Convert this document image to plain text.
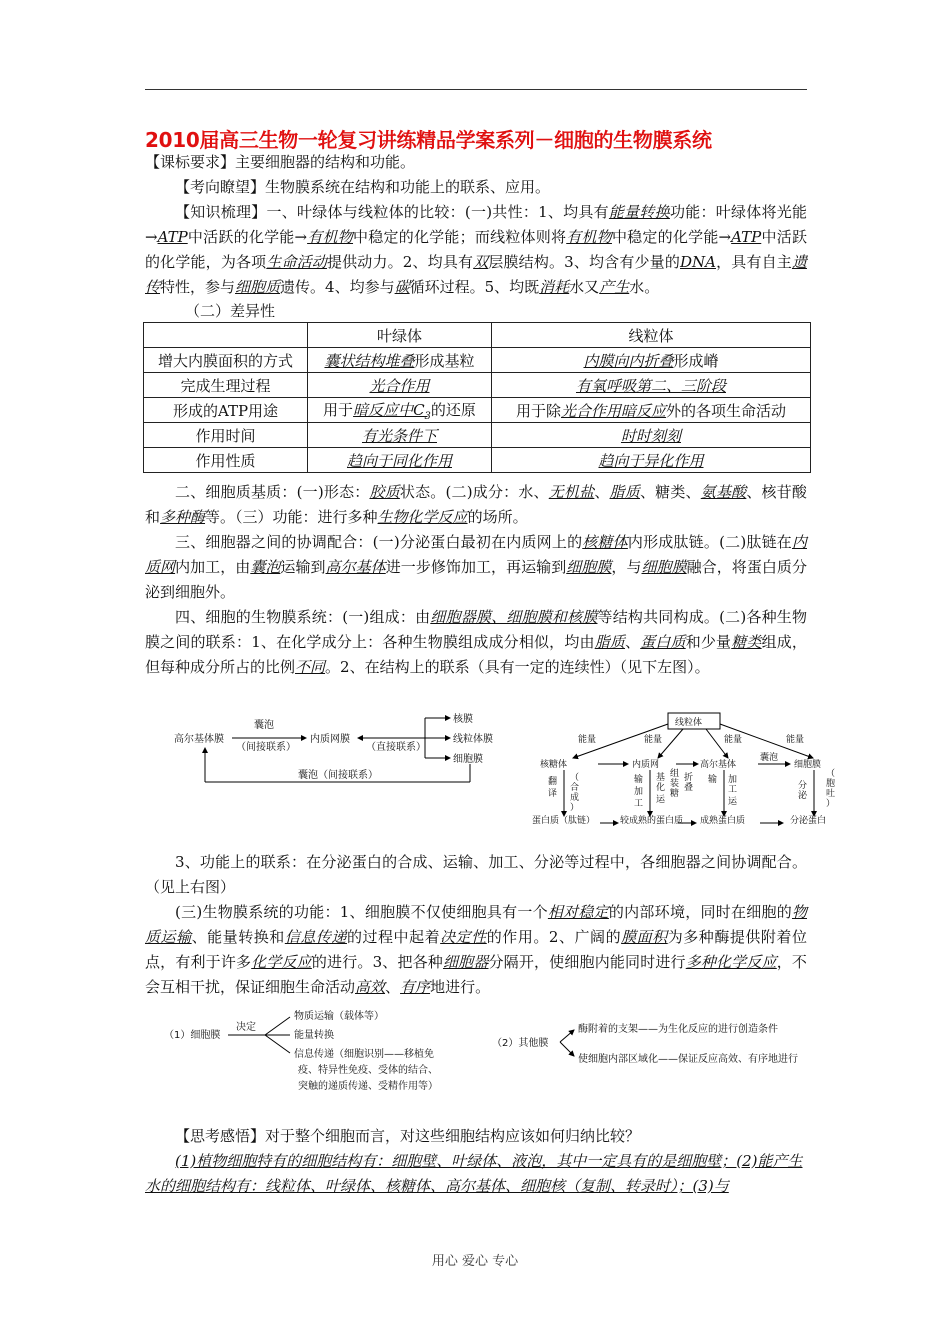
2010届高三生物一轮复习讲练精品学案系列－细胞的生物膜系统
【课标要求】主要细胞器的结构和功能。
【考向瞭望】生物膜系统在结构和功能上的联系、应用。
【知识梳理】一、叶绿体与线粒体的比较：(一)共性：1、均具有能量转换功能：叶绿体将光能→ATP中活跃的化学能→有机物中稳定的化学能；而线粒体则将有机物中稳定的化学能→ATP中活跃的化学能，为各项生命活动提供动力。2、均具有双层膜结构。3、均含有少量的DNA，具有自主遗传特性，参与细胞质遗传。4、均参与碳循环过程。5、均既消耗水又产生水。
（二）差异性
	叶绿体	线粒体
增大内膜面积的方式	囊状结构堆叠形成基粒	内膜向内折叠形成嵴
完成生理过程	光合作用	有氧呼吸第二、三阶段
形成的ATP用途	用于暗反应中$C_3$的还原	用于除光合作用暗反应外的各项生命活动
作用时间	有光条件下	时时刻刻
作用性质	趋向于同化作用	趋向于异化作用
二、细胞质基质：(一)形态：胶质状态。(二)成分：水、无机盐、脂质、糖类、氨基酸、核苷酸和多种酶等。（三）功能：进行多种生物化学反应的场所。
三、细胞器之间的协调配合：(一)分泌蛋白最初在内质网上的核糖体内形成肽链。(二)肽链在内质网内加工，由囊泡运输到高尔基体进一步修饰加工，再运输到细胞膜，与细胞膜融合，将蛋白质分泌到细胞外。
四、细胞的生物膜系统：(一)组成：由细胞器膜、细胞膜和核膜等结构共同构成。(二)各种生物膜之间的联系：1、在化学成分上：各种生物膜组成成分相似，均由脂质、蛋白质和少量糖类组成，但每种成分所占的比例不同。2、在结构上的联系（具有一定的连续性）（见下左图）。
高尔基体膜
囊泡
（间接联系）
内质网膜
（直接联系）
核膜
线粒体膜
细胞膜
囊泡（间接联系）
线粒体
能量	能量	能量	能量
核糖体	内质网	高尔基体
囊泡
细胞膜
蛋白质（肽链）	较成熟的蛋白质 成熟蛋白质	分泌蛋白
翻
译
（
合
成
）
输
加
工
基
化
运
组
装
糖
折
叠
输 加
工
运
分
泌
（
胞
吐
）
3、功能上的联系：在分泌蛋白的合成、运输、加工、分泌等过程中，各细胞器之间协调配合。（见上右图）
(三)生物膜系统的功能：1、细胞膜不仅使细胞具有一个相对稳定的内部环境，同时在细胞的物质运输、能量转换和信息传递的过程中起着决定性的作用。2、广阔的膜面积为多种酶提供附着位点，有利于许多化学反应的进行。3、把各种细胞器分隔开，使细胞内能同时进行多种化学反应，不会互相干扰，保证细胞生命活动高效、有序地进行。
（1）细胞膜
决定
物质运输（载体等）
能量转换
信息传递（细胞识别——移植免
疫、特异性免疫、受体的结合、
突触的递质传递、受精作用等）
（2）其他膜
酶附着的支架——为生化反应的进行创造条件
使细胞内部区域化——保证反应高效、有序地进行
【思考感悟】对于整个细胞而言，对这些细胞结构应该如何归纳比较？
(1)植物细胞特有的细胞结构有：细胞壁、叶绿体、液泡，其中一定具有的是细胞壁；(2)能产生水的细胞结构有：线粒体、叶绿体、核糖体、高尔基体、细胞核（复制、转录时）；(3)与
用心 爱心 专心
